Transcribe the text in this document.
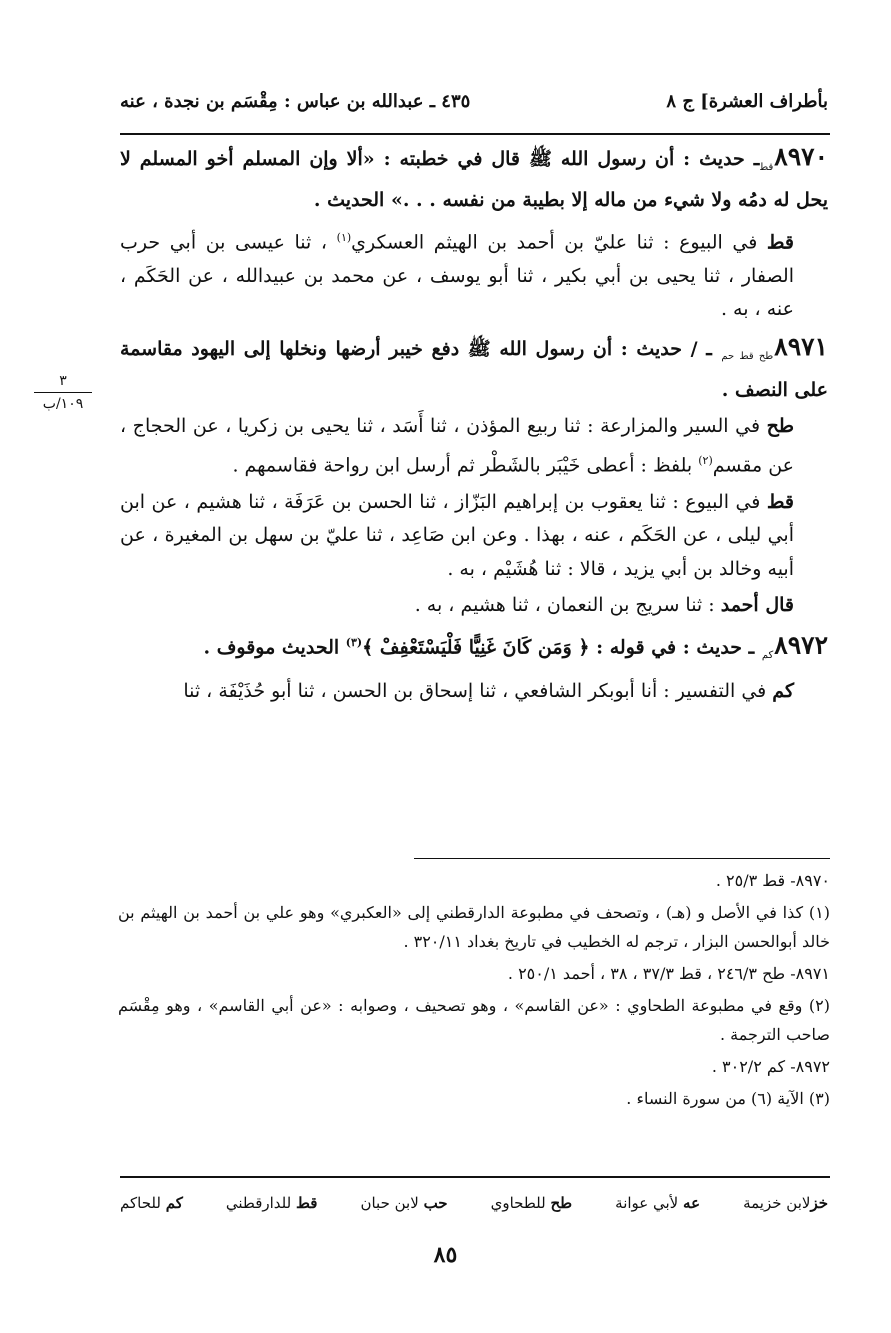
بأطراف العشرة] ج ٨
٤٣٥ ـ عبدالله بن عباس : مِقْسَم بن نجدة ، عنه
٣
١٠٩/ب

$٨٩٧٠_{قط}ـ$ حديث : أن رسول الله ﷺ قال في خطبته : «ألا وإن المسلم أخو المسلم لا يحل له دمُه ولا شيء من ماله إلا بطيبة من نفسه . . .» الحديث .

قط في البيوع : ثنا عليّ بن أحمد بن الهيثم العسكري$^{(١)}$ ، ثنا عيسى بن أبي حرب الصفار ، ثنا يحيى بن أبي بكير ، ثنا أبو يوسف ، عن محمد بن عبيدالله ، عن الحَكَم ، عنه ، به .

$٨٩٧١_{طح قط حم}$ ـ / حديث : أن رسول الله ﷺ دفع خيبر أرضها ونخلها إلى اليهود مقاسمة على النصف .

طح في السير والمزارعة : ثنا ربيع المؤذن ، ثنا أَسَد ، ثنا يحيى بن زكريا ، عن الحجاج ، عن مقسم$^{(٢)}$ بلفظ : أعطى خَيْبَر بالشَطْر ثم أرسل ابن رواحة فقاسمهم .

قط في البيوع : ثنا يعقوب بن إبراهيم البَزّاز ، ثنا الحسن بن عَرَفَة ، ثنا هشيم ، عن ابن أبي ليلى ، عن الحَكَم ، عنه ، بهذا . وعن ابن صَاعِد ، ثنا عليّ بن سهل بن المغيرة ، عن أبيه وخالد بن أبي يزيد ، قالا : ثنا هُشَيْم ، به .

قال أحمد : ثنا سريج بن النعمان ، ثنا هشيم ، به .

$٨٩٧٢_{كم}$ ـ حديث : في قوله : ﴿ وَمَن كَانَ غَنِيًّا فَلْيَسْتَعْفِفْ ﴾$^{(٣)}$ الحديث موقوف .

كم في التفسير : أنا أبوبكر الشافعي ، ثنا إسحاق بن الحسن ، ثنا أبو حُذَيْفَة ، ثنا

٨٩٧٠- قط ٢٥/٣ .

(١) كذا في الأصل و (هـ) ، وتصحف في مطبوعة الدارقطني إلى «العكبري» وهو علي بن أحمد بن الهيثم بن خالد أبوالحسن البزار ، ترجم له الخطيب في تاريخ بغداد ٣٢٠/١١ .

٨٩٧١- طح ٢٤٦/٣ ، قط ٣٧/٣ ، ٣٨ ، أحمد ٢٥٠/١ .

(٢) وقع في مطبوعة الطحاوي : «عن القاسم» ، وهو تصحيف ، وصوابه : «عن أبي القاسم» ، وهو مِقْسَم صاحب الترجمة .

٨٩٧٢- كم ٣٠٢/٢ .

(٣) الآية (٦) من سورة النساء .

خزلابن خزيمة
عه لأبي عوانة
طح للطحاوي
حب لابن حبان
قط للدارقطني
كم للحاكم
٨٥
